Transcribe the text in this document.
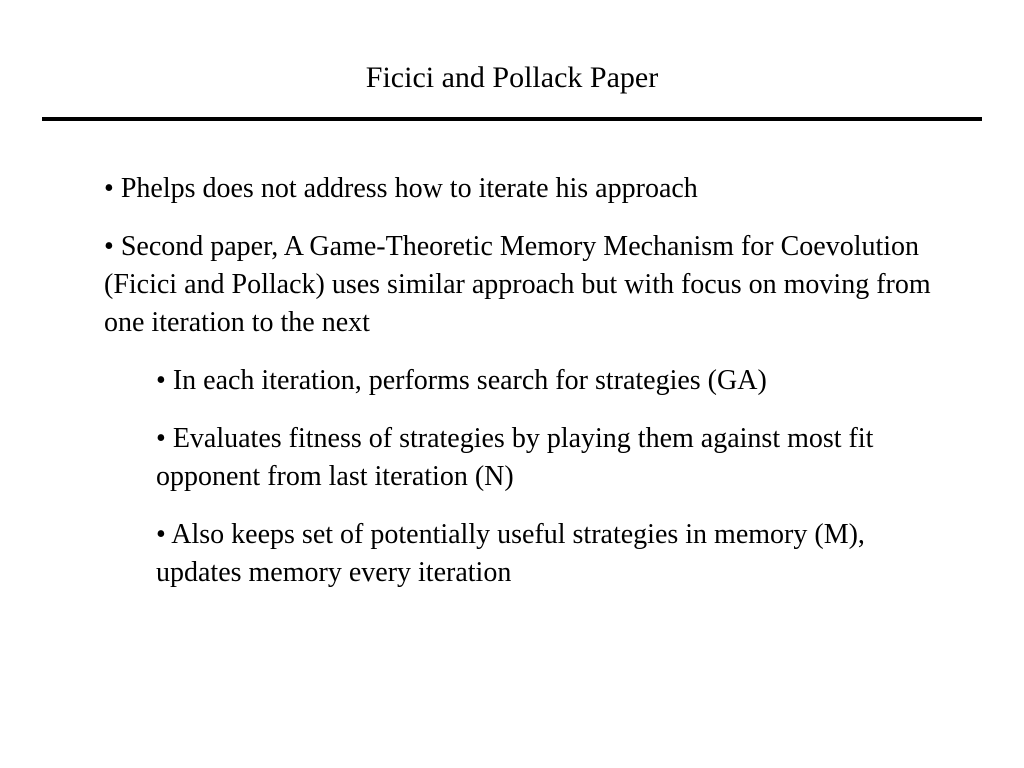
Ficici and Pollack Paper
• Phelps does not address how to iterate his approach
• Second paper, A Game-Theoretic Memory Mechanism for Coevolution (Ficici and Pollack) uses similar approach but with focus on moving from one iteration to the next
• In each iteration, performs search for strategies (GA)
• Evaluates fitness of strategies by playing them against most fit opponent from last iteration (N)
• Also keeps set of potentially useful strategies in memory (M), updates memory every iteration
